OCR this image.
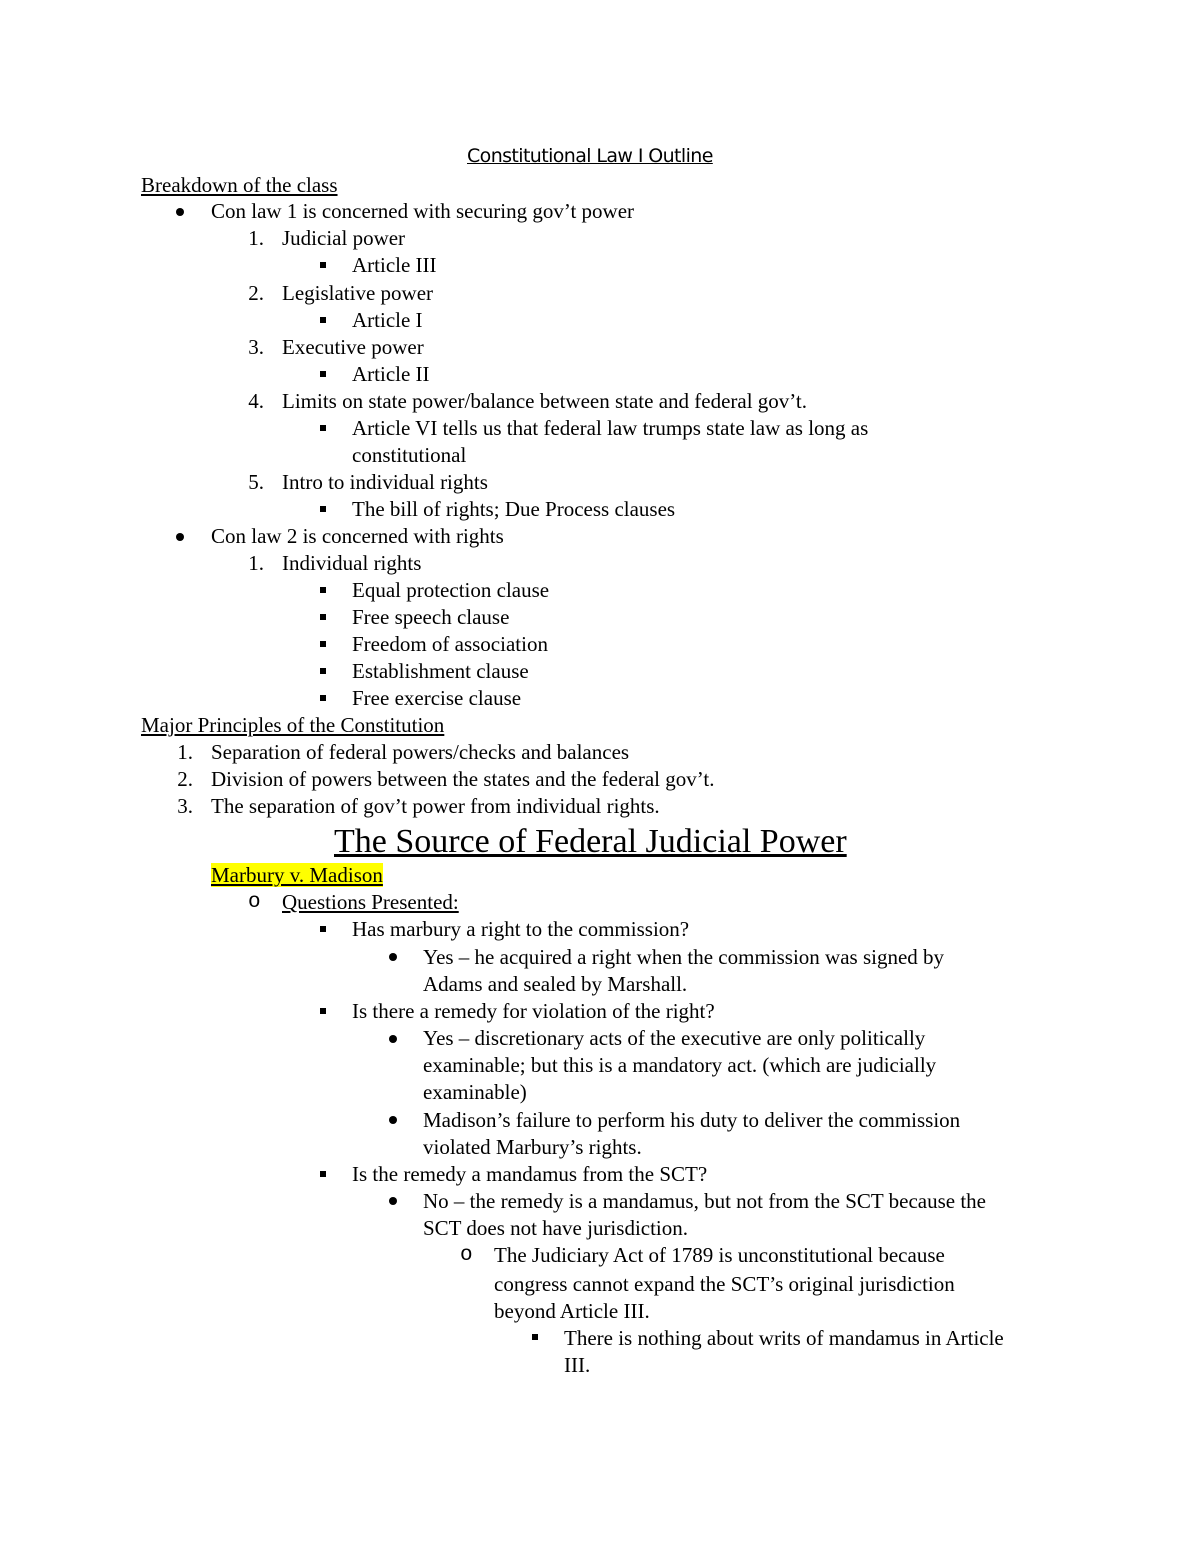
Constitutional Law I Outline
Breakdown of the class
Con law 1 is concerned with securing gov’t power
1. Judicial power
Article III
2. Legislative power
Article I
3. Executive power
Article II
4. Limits on state power/balance between state and federal gov’t.
Article VI tells us that federal law trumps state law as long as
constitutional
5. Intro to individual rights
The bill of rights; Due Process clauses
Con law 2 is concerned with rights
1. Individual rights
Equal protection clause
Free speech clause
Freedom of association
Establishment clause
Free exercise clause
Major Principles of the Constitution
1. Separation of federal powers/checks and balances
2. Division of powers between the states and the federal gov’t.
3. The separation of gov’t power from individual rights.
The Source of Federal Judicial Power
Marbury v. Madison
o Questions Presented:
Has marbury a right to the commission?
Yes – he acquired a right when the commission was signed by
Adams and sealed by Marshall.
Is there a remedy for violation of the right?
Yes – discretionary acts of the executive are only politically
examinable; but this is a mandatory act. (which are judicially
examinable)
Madison’s failure to perform his duty to deliver the commission
violated Marbury’s rights.
Is the remedy a mandamus from the SCT?
No – the remedy is a mandamus, but not from the SCT because the
SCT does not have jurisdiction.
o The Judiciary Act of 1789 is unconstitutional because
congress cannot expand the SCT’s original jurisdiction
beyond Article III.
There is nothing about writs of mandamus in Article
III.
